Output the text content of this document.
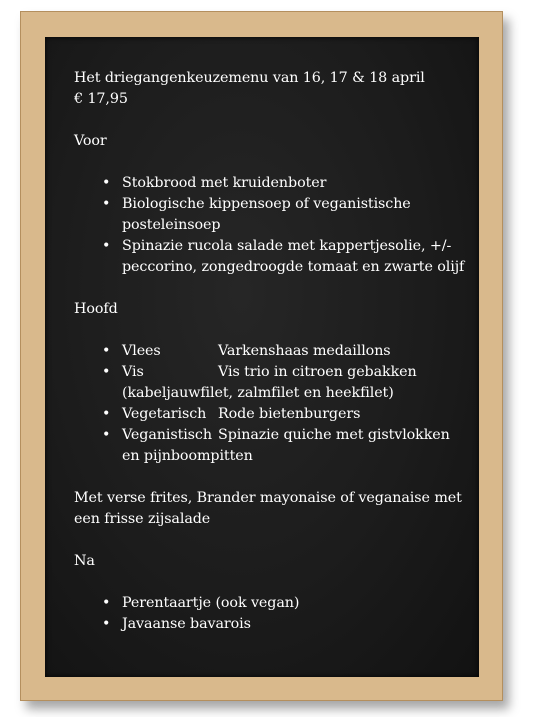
Het driegangenkeuzemenu van 16, 17 & 18 april
€ 17,95
Voor
• Stokbrood met kruidenboter
• Biologische kippensoep of veganistische
posteleinsoep
• Spinazie rucola salade met kappertjesolie, +/-
peccorino, zongedroogde tomaat en zwarte olijf
Hoofd
• Vlees	Varkenshaas medaillons
• Vis	Vis trio in citroen gebakken
(kabeljauwfilet, zalmfilet en heekfilet)
• Vegetarisch Rode bietenburgers
• Veganistisch Spinazie quiche met gistvlokken
en pijnboompitten
Met verse frites, Brander mayonaise of veganaise met
een frisse zijsalade
Na
• Perentaartje (ook vegan)
• Javaanse bavarois
